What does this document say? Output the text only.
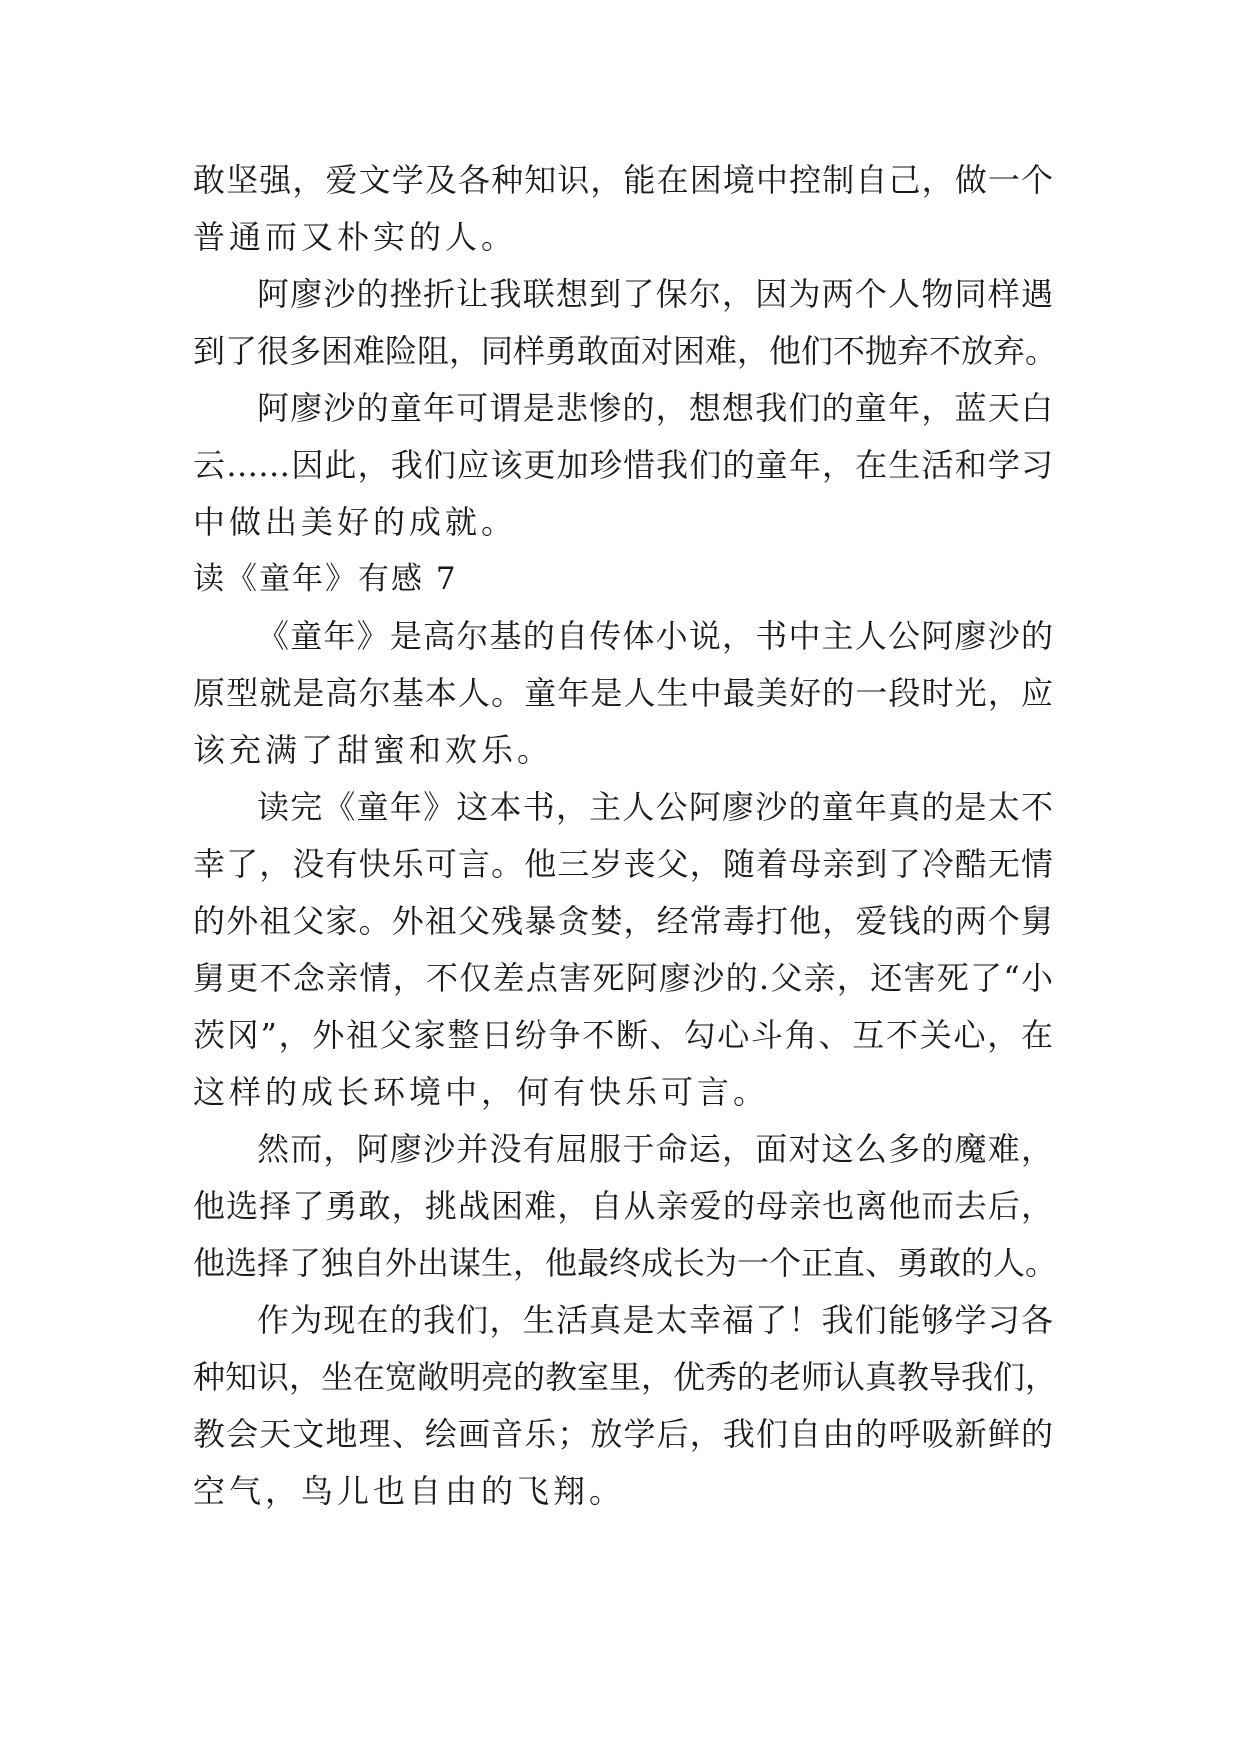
敢坚强，爱文学及各种知识，能在困境中控制自己，做一个
普通而又朴实的人。
阿廖沙的挫折让我联想到了保尔，因为两个人物同样遇
到了很多困难险阻，同样勇敢面对困难，他们不抛弃不放弃。
阿廖沙的童年可谓是悲惨的，想想我们的童年，蓝天白
云……因此，我们应该更加珍惜我们的童年，在生活和学习
中做出美好的成就。
读《童年》有感 7
《童年》是高尔基的自传体小说，书中主人公阿廖沙的
原型就是高尔基本人。童年是人生中最美好的一段时光，应
该充满了甜蜜和欢乐。
读完《童年》这本书，主人公阿廖沙的童年真的是太不
幸了，没有快乐可言。他三岁丧父，随着母亲到了冷酷无情
的外祖父家。外祖父残暴贪婪，经常毒打他，爱钱的两个舅
舅更不念亲情，不仅差点害死阿廖沙的.父亲，还害死了“小
茨冈”，外祖父家整日纷争不断、勾心斗角、互不关心，在
这样的成长环境中，何有快乐可言。
然而，阿廖沙并没有屈服于命运，面对这么多的魔难，
他选择了勇敢，挑战困难，自从亲爱的母亲也离他而去后，
他选择了独自外出谋生，他最终成长为一个正直、勇敢的人。
作为现在的我们，生活真是太幸福了！我们能够学习各
种知识，坐在宽敞明亮的教室里，优秀的老师认真教导我们，
教会天文地理、绘画音乐；放学后，我们自由的呼吸新鲜的
空气，鸟儿也自由的飞翔。
